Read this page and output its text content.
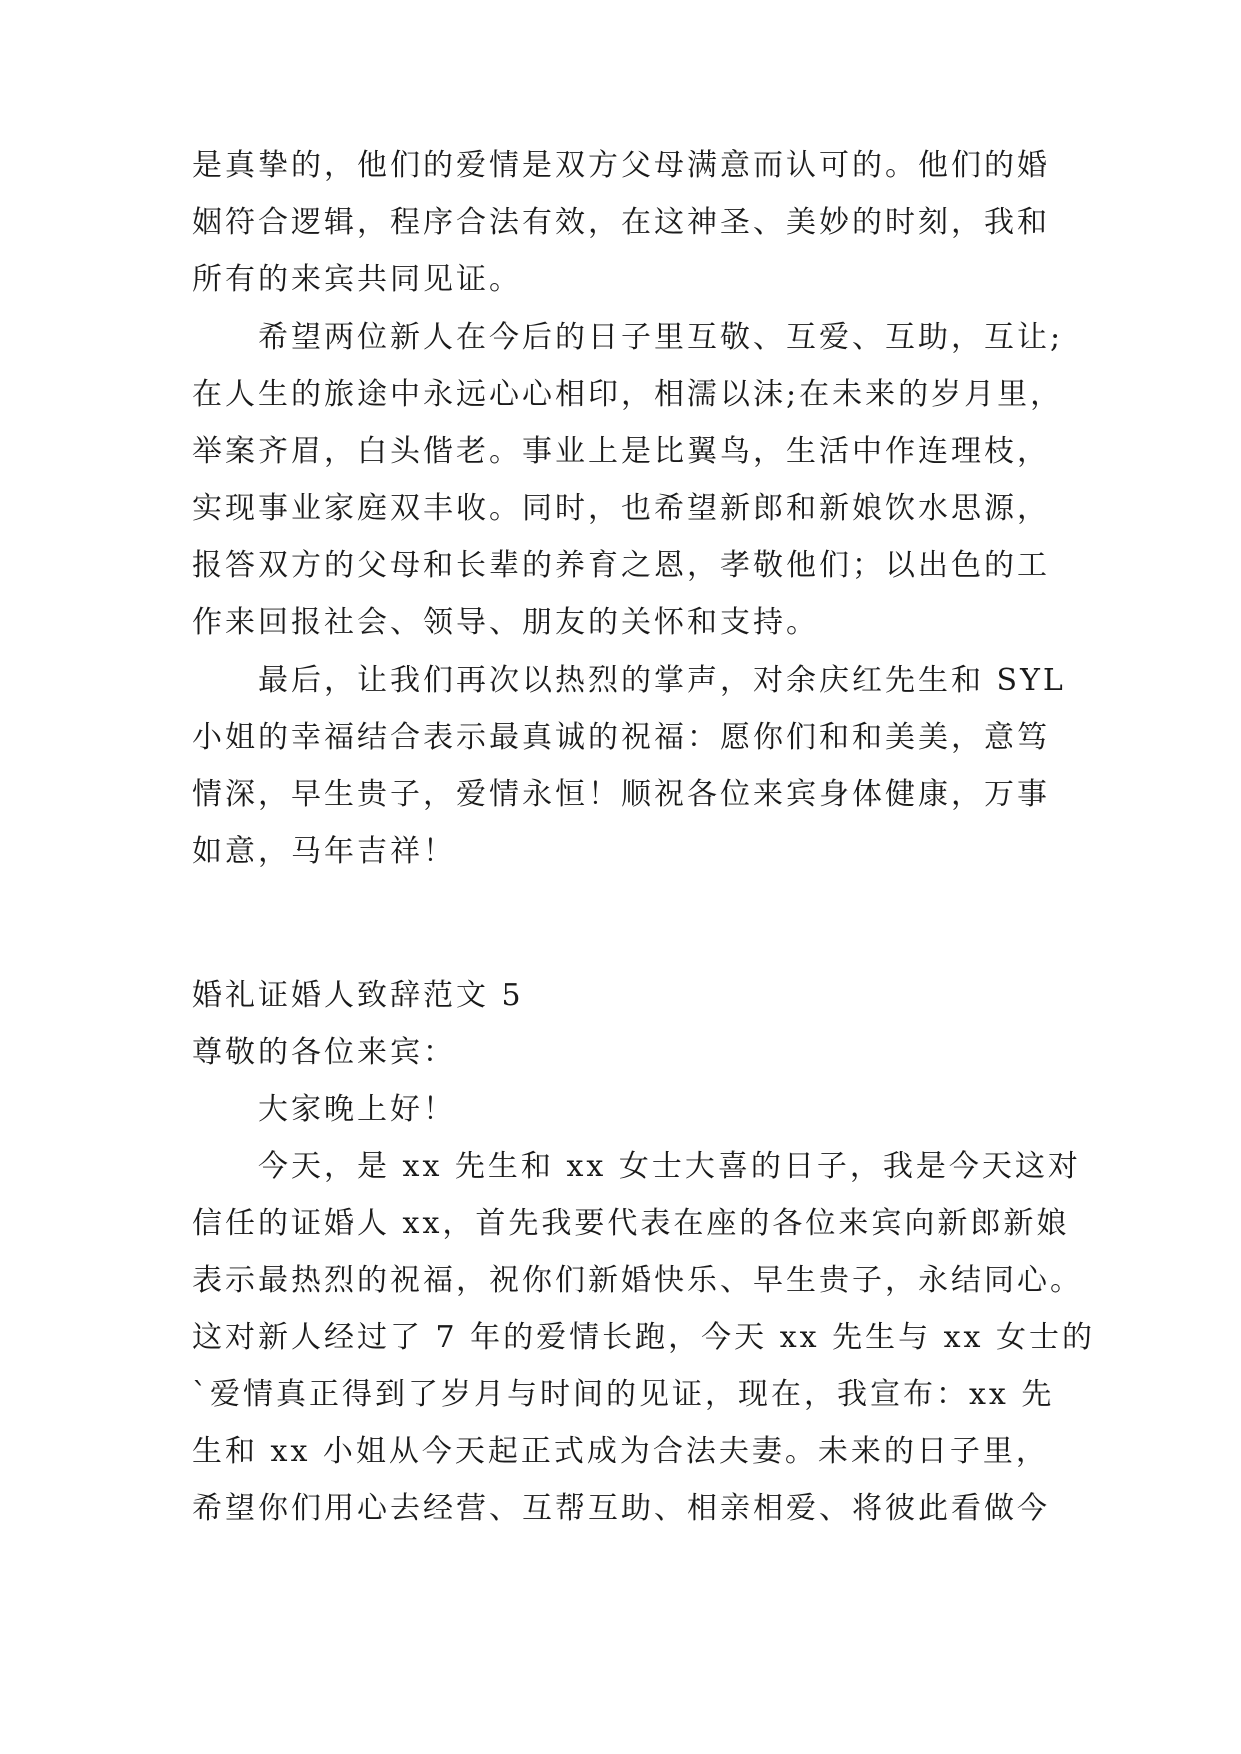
是真挚的，他们的爱情是双方父母满意而认可的。他们的婚
姻符合逻辑，程序合法有效，在这神圣、美妙的时刻，我和
所有的来宾共同见证。
希望两位新人在今后的日子里互敬、互爱、互助，互让;
在人生的旅途中永远心心相印，相濡以沫;在未来的岁月里，
举案齐眉，白头偕老。事业上是比翼鸟，生活中作连理枝，
实现事业家庭双丰收。同时，也希望新郎和新娘饮水思源，
报答双方的父母和长辈的养育之恩，孝敬他们；以出色的工
作来回报社会、领导、朋友的关怀和支持。
最后，让我们再次以热烈的掌声，对余庆红先生和 SYL
小姐的幸福结合表示最真诚的祝福：愿你们和和美美，意笃
情深，早生贵子，爱情永恒！顺祝各位来宾身体健康，万事
如意，马年吉祥！
婚礼证婚人致辞范文 5
尊敬的各位来宾：
大家晚上好！
今天，是 xx 先生和 xx 女士大喜的日子，我是今天这对
信任的证婚人 xx，首先我要代表在座的各位来宾向新郎新娘
表示最热烈的祝福，祝你们新婚快乐、早生贵子，永结同心。
这对新人经过了 7 年的爱情长跑，今天 xx 先生与 xx 女士的
`爱情真正得到了岁月与时间的见证，现在，我宣布：xx 先
生和 xx 小姐从今天起正式成为合法夫妻。未来的日子里，
希望你们用心去经营、互帮互助、相亲相爱、将彼此看做今
